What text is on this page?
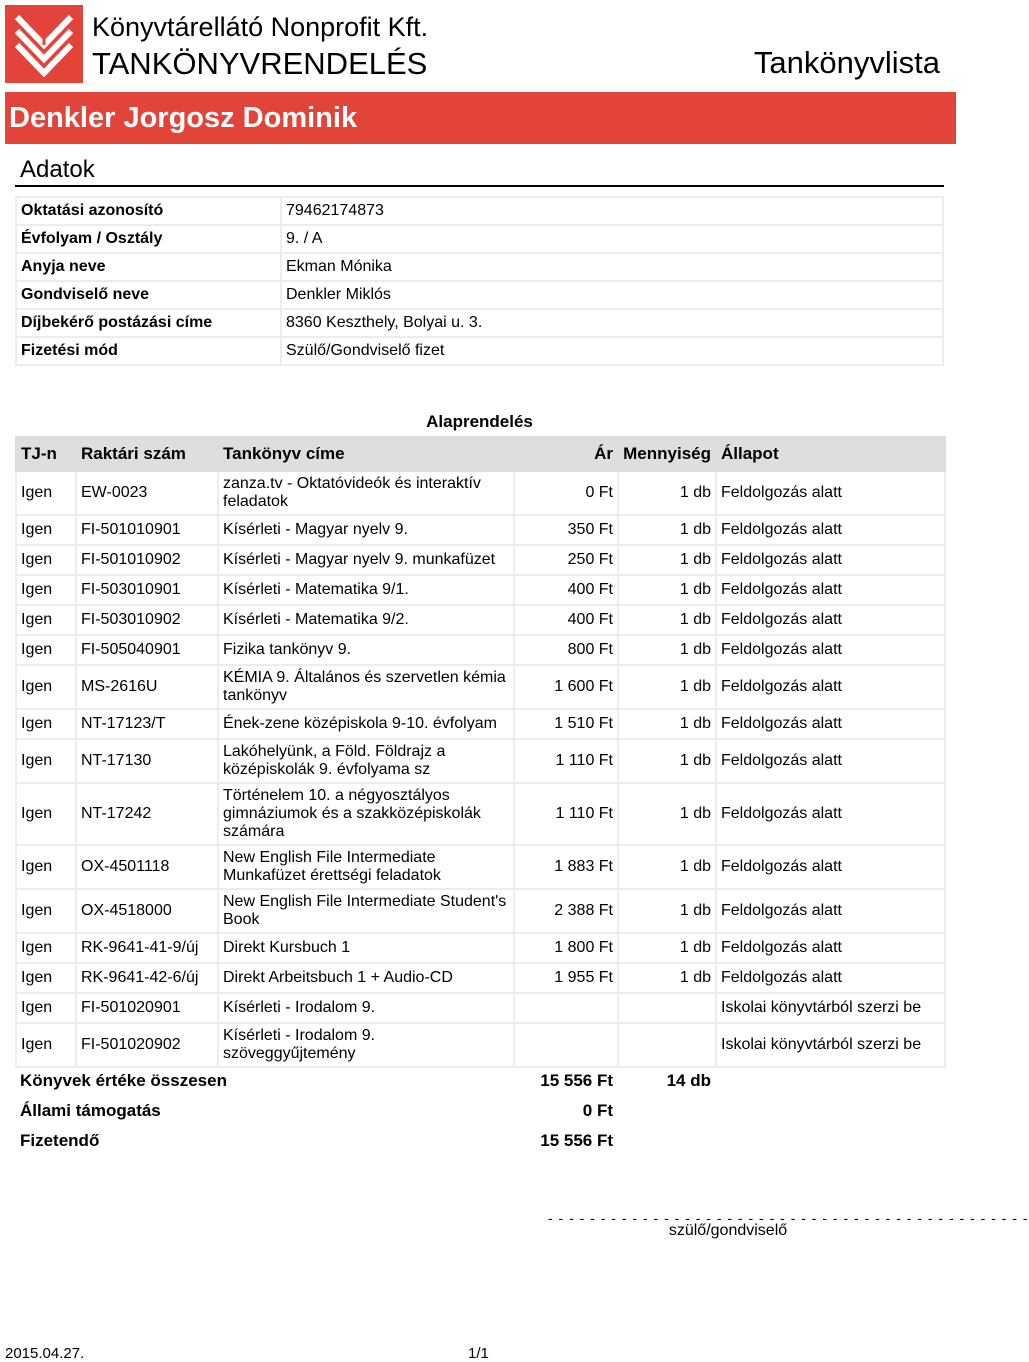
Könyvtárellátó Nonprofit Kft.
TANKÖNYVRENDELÉS	Tankönyvlista
Denkler Jorgosz Dominik
Adatok
Oktatási azonosító	79462174873
Évfolyam / Osztály	9. / A
Anyja neve	Ekman Mónika
Gondviselő neve	Denkler Miklós
Díjbekérő postázási címe	8360 Keszthely, Bolyai u. 3.
Fizetési mód	Szülő/Gondviselő fizet
Alaprendelés
TJ-n	Raktári szám	Tankönyv címe	Ár	Mennyiség	Állapot
Igen	EW-0023	zanza.tv - Oktatóvideók és interaktív feladatok	0 Ft	1 db	Feldolgozás alatt
Igen	FI-501010901	Kísérleti - Magyar nyelv 9.	350 Ft	1 db	Feldolgozás alatt
Igen	FI-501010902	Kísérleti - Magyar nyelv 9. munkafüzet	250 Ft	1 db	Feldolgozás alatt
Igen	FI-503010901	Kísérleti - Matematika 9/1.	400 Ft	1 db	Feldolgozás alatt
Igen	FI-503010902	Kísérleti - Matematika 9/2.	400 Ft	1 db	Feldolgozás alatt
Igen	FI-505040901	Fizika tankönyv 9.	800 Ft	1 db	Feldolgozás alatt
Igen	MS-2616U	KÉMIA 9. Általános és szervetlen kémia tankönyv	1 600 Ft	1 db	Feldolgozás alatt
Igen	NT-17123/T	Ének-zene középiskola 9-10. évfolyam	1 510 Ft	1 db	Feldolgozás alatt
Igen	NT-17130	Lakóhelyünk, a Föld. Földrajz a középiskolák 9. évfolyama sz	1 110 Ft	1 db	Feldolgozás alatt
Igen	NT-17242	Történelem 10. a négyosztályos gimnáziumok és a szakközépiskolák számára	1 110 Ft	1 db	Feldolgozás alatt
Igen	OX-4501118	New English File Intermediate Munkafüzet érettségi feladatok	1 883 Ft	1 db	Feldolgozás alatt
Igen	OX-4518000	New English File Intermediate Student's Book	2 388 Ft	1 db	Feldolgozás alatt
Igen	RK-9641-41-9/új	Direkt Kursbuch 1	1 800 Ft	1 db	Feldolgozás alatt
Igen	RK-9641-42-6/új	Direkt Arbeitsbuch 1 + Audio-CD	1 955 Ft	1 db	Feldolgozás alatt
Igen	FI-501020901	Kísérleti - Irodalom 9.			Iskolai könyvtárból szerzi be
Igen	FI-501020902	Kísérleti - Irodalom 9. szöveggyűjtemény			Iskolai könyvtárból szerzi be
Könyvek értéke összesen	15 556 Ft	14 db
Állami támogatás	0 Ft
Fizetendő	15 556 Ft
- - - - - - - - - - - - - - - - - - - - - - - - - - - - - - - - - - - - - - - - - - - - - -
szülő/gondviselő
2015.04.27.	1/1
